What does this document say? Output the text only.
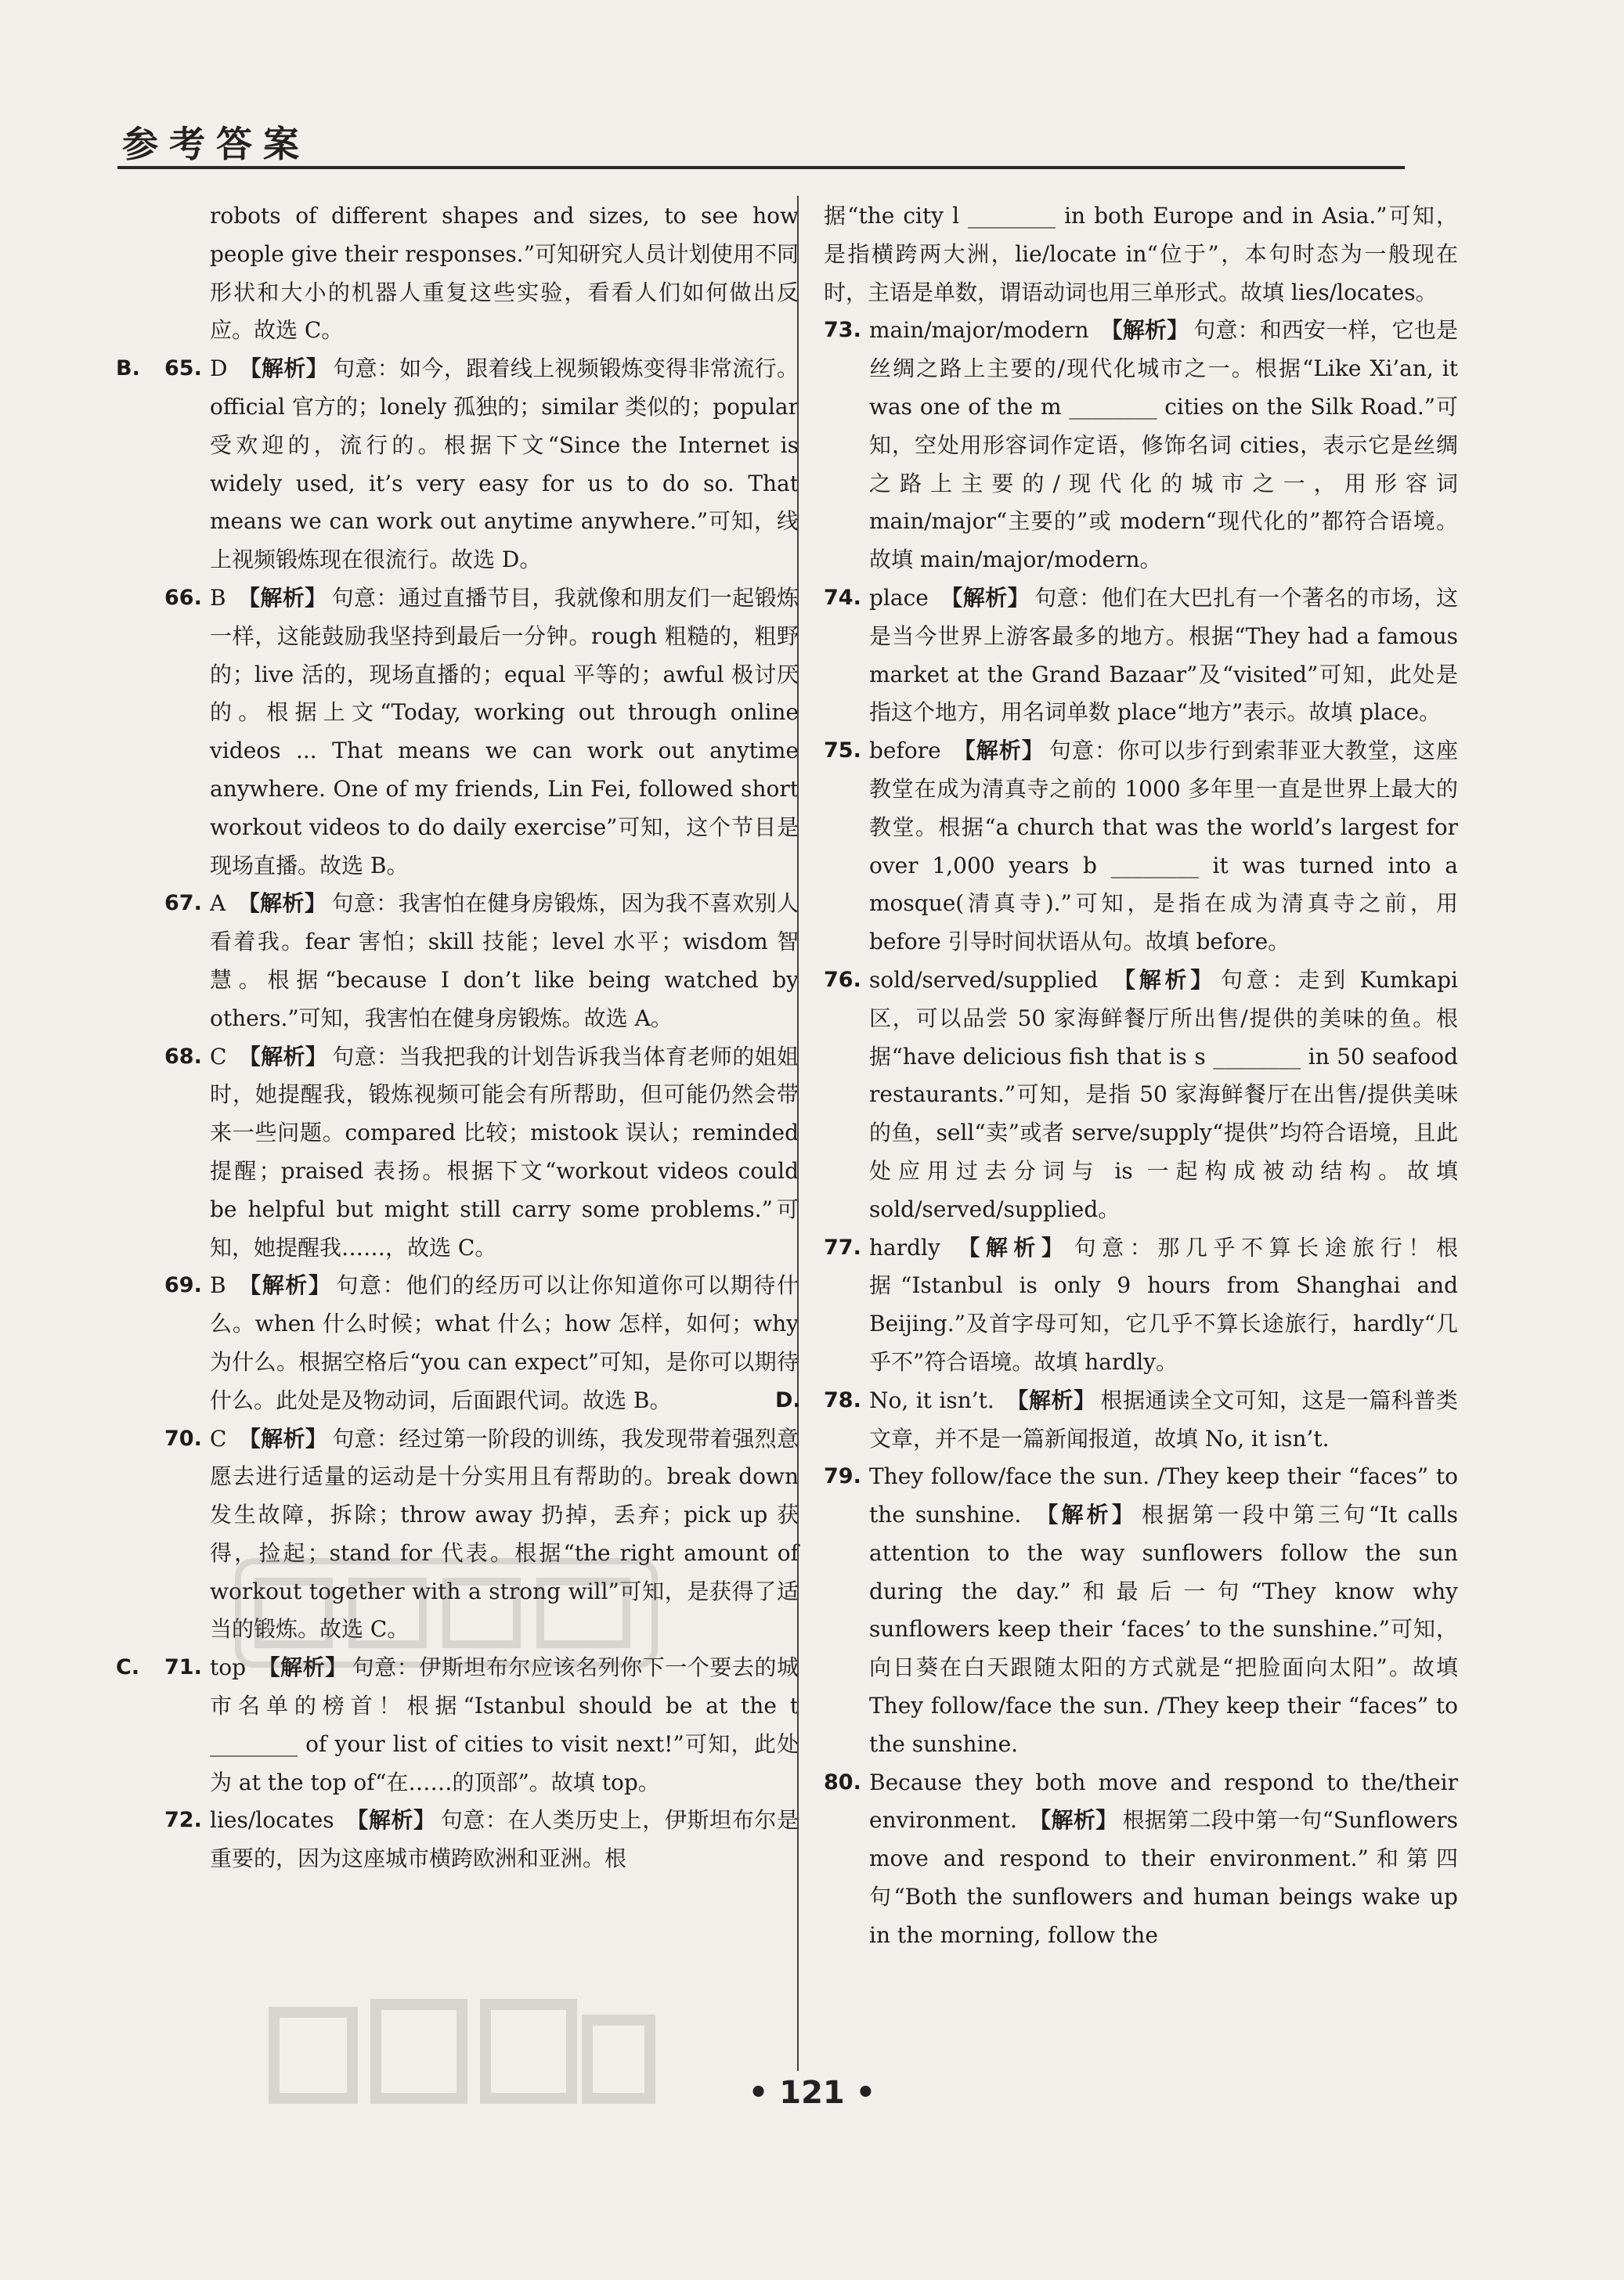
参考答案

robots of different shapes and sizes, to see how people give their responses.”可知研究人员计划使用不同形状和大小的机器人重复这些实验，看看人们如何做出反应。故选 C。

B. 65. D 【解析】 句意：如今，跟着线上视频锻炼变得非常流行。official 官方的；lonely 孤独的；similar 类似的；popular 受欢迎的，流行的。根据下文“Since the Internet is widely used, it’s very easy for us to do so. That means we can work out anytime anywhere.”可知，线上视频锻炼现在很流行。故选 D。

66. B 【解析】 句意：通过直播节目，我就像和朋友们一起锻炼一样，这能鼓励我坚持到最后一分钟。rough 粗糙的，粗野的；live 活的，现场直播的；equal 平等的；awful 极讨厌的。根据上文“Today, working out through online videos ... That means we can work out anytime anywhere. One of my friends, Lin Fei, followed short workout videos to do daily exercise”可知，这个节目是现场直播。故选 B。

67. A 【解析】 句意：我害怕在健身房锻炼，因为我不喜欢别人看着我。fear 害怕；skill 技能；level 水平；wisdom 智慧。根据“because I don’t like being watched by others.”可知，我害怕在健身房锻炼。故选 A。

68. C 【解析】 句意：当我把我的计划告诉我当体育老师的姐姐时，她提醒我，锻炼视频可能会有所帮助，但可能仍然会带来一些问题。compared 比较；mistook 误认；reminded 提醒；praised 表扬。根据下文“workout videos could be helpful but might still carry some problems.”可知，她提醒我……，故选 C。

69. B 【解析】 句意：他们的经历可以让你知道你可以期待什么。when 什么时候；what 什么；how 怎样，如何；why 为什么。根据空格后“you can expect”可知，是你可以期待什么。此处是及物动词，后面跟代词。故选 B。

70. C 【解析】 句意：经过第一阶段的训练，我发现带着强烈意愿去进行适量的运动是十分实用且有帮助的。break down 发生故障，拆除；throw away 扔掉，丢弃；pick up 获得，捡起；stand for 代表。根据“the right amount of workout together with a strong will”可知，是获得了适当的锻炼。故选 C。

C. 71. top 【解析】 句意：伊斯坦布尔应该名列你下一个要去的城市名单的榜首！根据“Istanbul should be at the t ________ of your list of cities to visit next!”可知，此处为 at the top of“在……的顶部”。故填 top。

72. lies/locates 【解析】 句意：在人类历史上，伊斯坦布尔是重要的，因为这座城市横跨欧洲和亚洲。根

据“the city l ________ in both Europe and in Asia.”可知，是指横跨两大洲，lie/locate in“位于”，本句时态为一般现在时，主语是单数，谓语动词也用三单形式。故填 lies/locates。

73. main/major/modern 【解析】 句意：和西安一样，它也是丝绸之路上主要的/现代化城市之一。根据“Like Xi’an, it was one of the m ________ cities on the Silk Road.”可知，空处用形容词作定语，修饰名词 cities，表示它是丝绸之路上主要的/现代化的城市之一，用形容词 main/major“主要的”或 modern“现代化的”都符合语境。故填 main/major/modern。

74. place 【解析】 句意：他们在大巴扎有一个著名的市场，这是当今世界上游客最多的地方。根据“They had a famous market at the Grand Bazaar”及“visited”可知，此处是指这个地方，用名词单数 place“地方”表示。故填 place。

75. before 【解析】 句意：你可以步行到索菲亚大教堂，这座教堂在成为清真寺之前的 1000 多年里一直是世界上最大的教堂。根据“a church that was the world’s largest for over 1,000 years b ________ it was turned into a mosque(清真寺).”可知，是指在成为清真寺之前，用 before 引导时间状语从句。故填 before。

76. sold/served/supplied 【解析】 句意：走到 Kumkapi 区，可以品尝 50 家海鲜餐厅所出售/提供的美味的鱼。根据“have delicious fish that is s ________ in 50 seafood restaurants.”可知，是指 50 家海鲜餐厅在出售/提供美味的鱼，sell“卖”或者 serve/supply“提供”均符合语境，且此处应用过去分词与 is 一起构成被动结构。故填 sold/served/supplied。

77. hardly 【解析】 句意：那几乎不算长途旅行！根据“Istanbul is only 9 hours from Shanghai and Beijing.”及首字母可知，它几乎不算长途旅行，hardly“几乎不”符合语境。故填 hardly。

D. 78. No, it isn’t. 【解析】 根据通读全文可知，这是一篇科普类文章，并不是一篇新闻报道，故填 No, it isn’t.

79. They follow/face the sun. /They keep their “faces” to the sunshine. 【解析】 根据第一段中第三句“It calls attention to the way sunflowers follow the sun during the day.”和最后一句“They know why sunflowers keep their ‘faces’ to the sunshine.”可知，向日葵在白天跟随太阳的方式就是“把脸面向太阳”。故填 They follow/face the sun. /They keep their “faces” to the sunshine.

80. Because they both move and respond to the/their environment. 【解析】 根据第二段中第一句“Sunflowers move and respond to their environment.”和第四句“Both the sunflowers and human beings wake up in the morning, follow the

• 121 •
